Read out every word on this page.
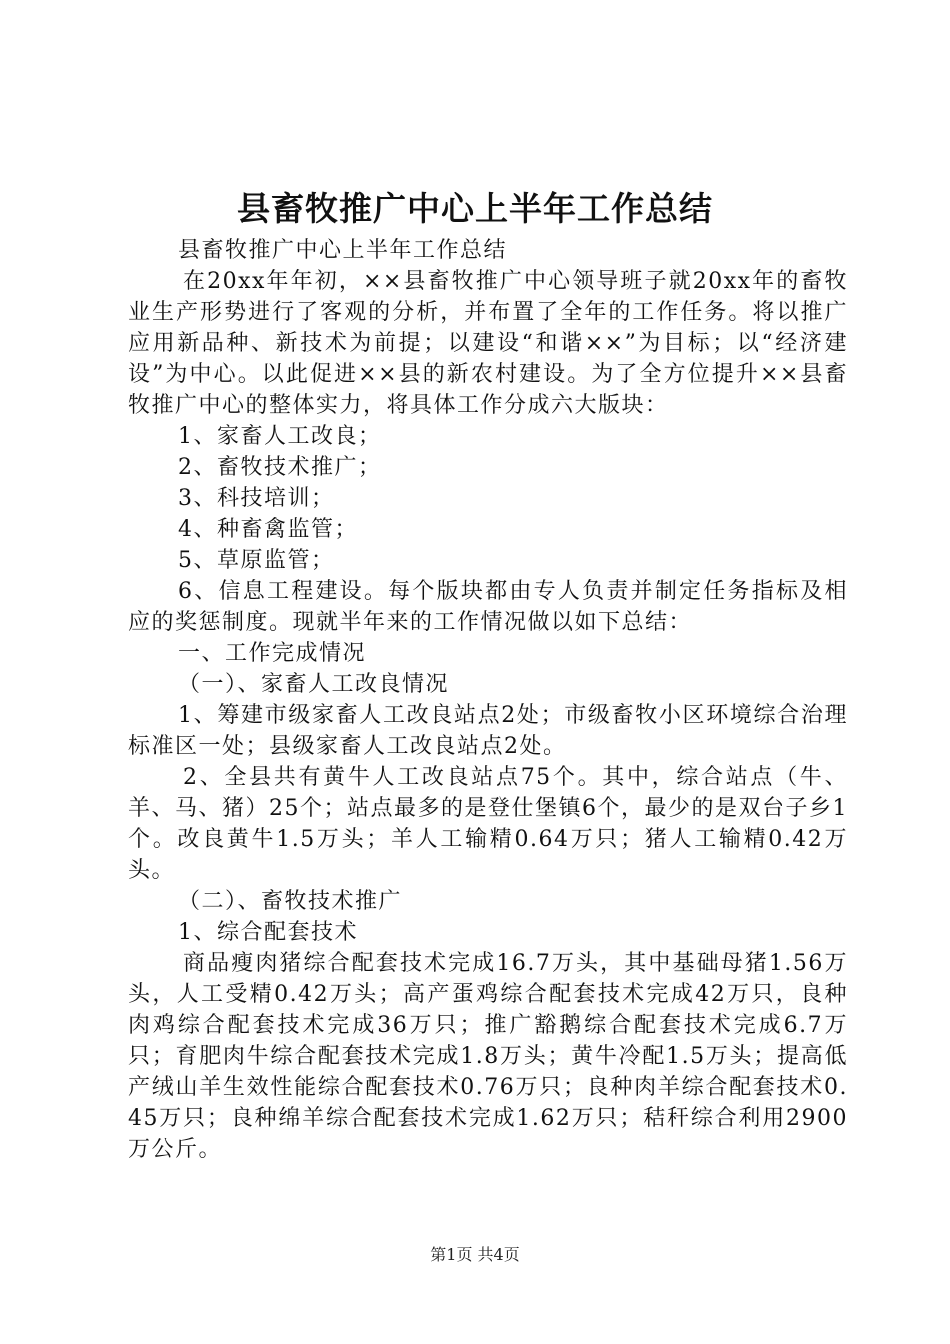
县畜牧推广中心上半年工作总结

县畜牧推广中心上半年工作总结

在20xx年年初，××县畜牧推广中心领导班子就20xx年的畜牧业生产形势进行了客观的分析，并布置了全年的工作任务。将以推广应用新品种、新技术为前提；以建设“和谐××”为目标；以“经济建设”为中心。以此促进××县的新农村建设。为了全方位提升××县畜牧推广中心的整体实力，将具体工作分成六大版块：

1、家畜人工改良；

2、畜牧技术推广；

3、科技培训；

4、种畜禽监管；

5、草原监管；

6、信息工程建设。每个版块都由专人负责并制定任务指标及相应的奖惩制度。现就半年来的工作情况做以如下总结：

一、工作完成情况

（一）、家畜人工改良情况

1、筹建市级家畜人工改良站点2处；市级畜牧小区环境综合治理标准区一处；县级家畜人工改良站点2处。

2、全县共有黄牛人工改良站点75个。其中，综合站点（牛、羊、马、猪）25个；站点最多的是登仕堡镇6个，最少的是双台子乡1个。改良黄牛1.5万头；羊人工输精0.64万只；猪人工输精0.42万头。

（二）、畜牧技术推广

1、综合配套技术

商品瘦肉猪综合配套技术完成16.7万头，其中基础母猪1.56万头，人工受精0.42万头；高产蛋鸡综合配套技术完成42万只，良种肉鸡综合配套技术完成36万只；推广豁鹅综合配套技术完成6.7万只；育肥肉牛综合配套技术完成1.8万头；黄牛冷配1.5万头；提高低产绒山羊生效性能综合配套技术0.76万只；良种肉羊综合配套技术0.45万只；良种绵羊综合配套技术完成1.62万只；秸秆综合利用2900万公斤。

第1页 共4页
